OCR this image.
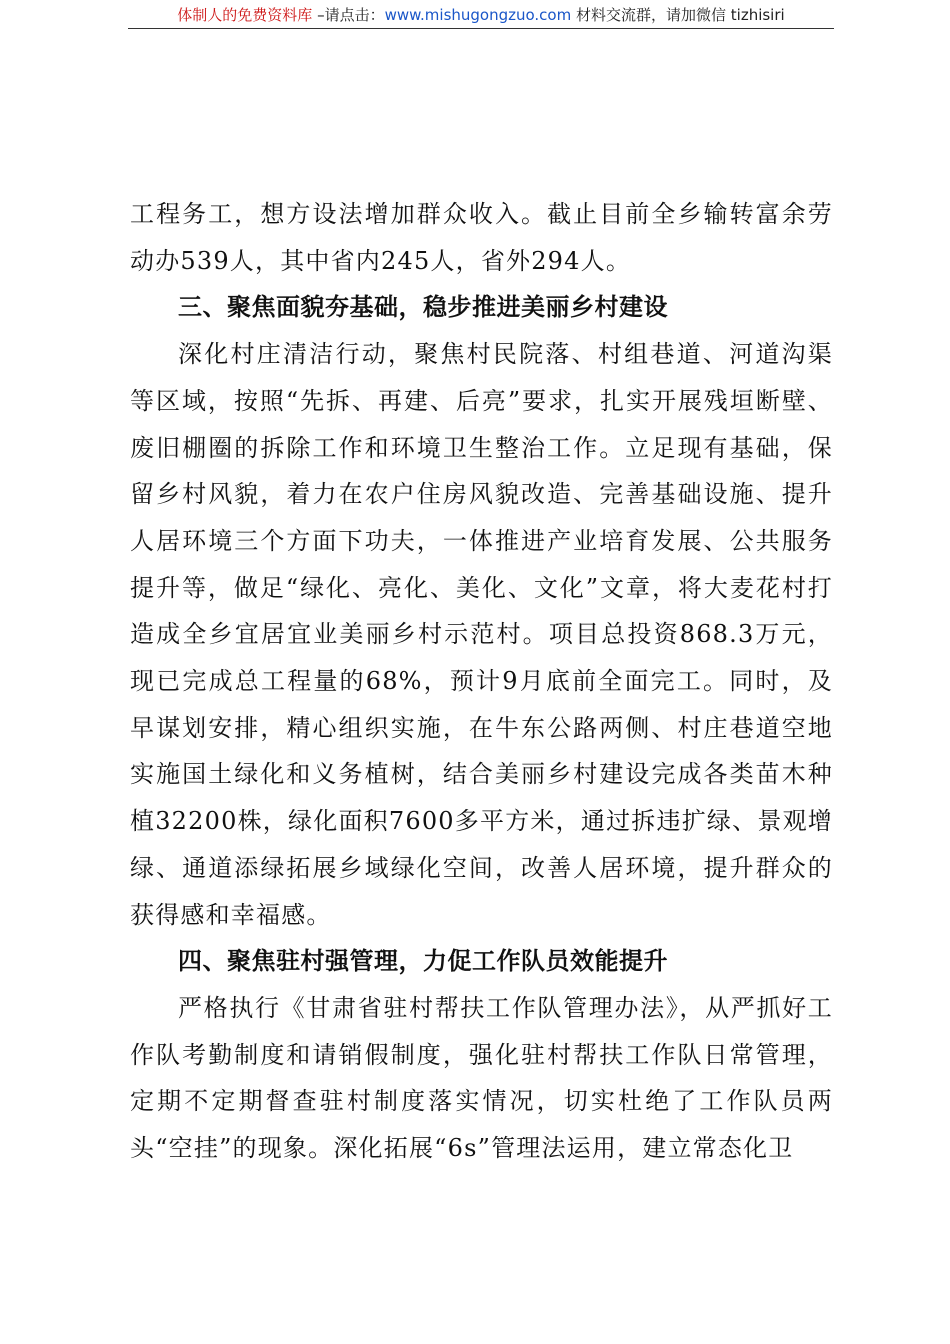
体制人的免费资料库 –请点击：www.mishugongzuo.com 材料交流群，请加微信 tizhisiri

工程务工，想方设法增加群众收入。截止目前全乡输转富余劳动办539人，其中省内245人，省外294人。

三、聚焦面貌夯基础，稳步推进美丽乡村建设

深化村庄清洁行动，聚焦村民院落、村组巷道、河道沟渠等区域，按照“先拆、再建、后亮”要求，扎实开展残垣断壁、废旧棚圈的拆除工作和环境卫生整治工作。立足现有基础，保留乡村风貌，着力在农户住房风貌改造、完善基础设施、提升人居环境三个方面下功夫，一体推进产业培育发展、公共服务提升等，做足“绿化、亮化、美化、文化”文章，将大麦花村打造成全乡宜居宜业美丽乡村示范村。项目总投资868.3万元，现已完成总工程量的68%，预计9月底前全面完工。同时，及早谋划安排，精心组织实施，在牛东公路两侧、村庄巷道空地实施国土绿化和义务植树，结合美丽乡村建设完成各类苗木种植32200株，绿化面积7600多平方米，通过拆违扩绿、景观增绿、通道添绿拓展乡域绿化空间，改善人居环境，提升群众的获得感和幸福感。

四、聚焦驻村强管理，力促工作队员效能提升

严格执行《甘肃省驻村帮扶工作队管理办法》，从严抓好工作队考勤制度和请销假制度，强化驻村帮扶工作队日常管理，定期不定期督查驻村制度落实情况，切实杜绝了工作队员两头“空挂”的现象。深化拓展“6s”管理法运用，建立常态化卫
